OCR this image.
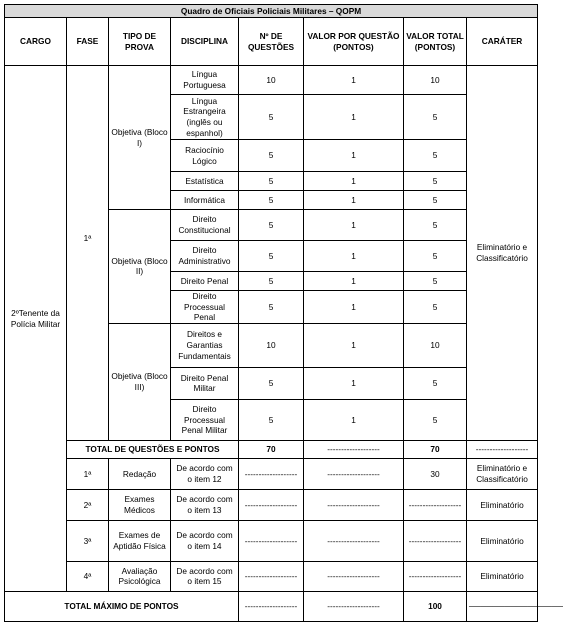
Quadro de Oficiais Policiais Militares – QOPM							
CARGO	FASE	TIPO DE PROVA	DISCIPLINA	Nº DE QUESTÕES	VALOR POR QUESTÃO (PONTOS)	VALOR TOTAL (PONTOS)	CARÁTER
2ºTenente da Polícia Militar	1ª	Objetiva (Bloco I)	Língua Portuguesa	10	1	10	Eliminatório e Classificatório
			Língua Estrangeira (inglês ou espanhol)	5	1	5	
			Raciocínio Lógico	5	1	5	
			Estatística	5	1	5	
			Informática	5	1	5	
		Objetiva (Bloco II)	Direito Constitucional	5	1	5	
			Direito Administrativo	5	1	5	
			Direito Penal	5	1	5	
			Direito Processual Penal	5	1	5	
		Objetiva (Bloco III)	Direitos e Garantias Fundamentais	10	1	10	
			Direito Penal Militar	5	1	5	
			Direito Processual Penal Militar	5	1	5	
	TOTAL DE QUESTÕES E PONTOS			70	-------------------	70	-------------------
	1ª	Redação	De acordo com o item 12	-------------------	-------------------	30	Eliminatório e Classificatório
	2ª	Exames Médicos	De acordo com o item 13	-------------------	-------------------	-------------------	Eliminatório
	3ª	Exames de Aptidão Física	De acordo com o item 14	-------------------	-------------------	-------------------	Eliminatório
	4ª	Avaliação Psicológica	De acordo com o item 15	-------------------	-------------------	-------------------	Eliminatório
TOTAL MÁXIMO DE PONTOS				-------------------	-------------------	100	────────────────
